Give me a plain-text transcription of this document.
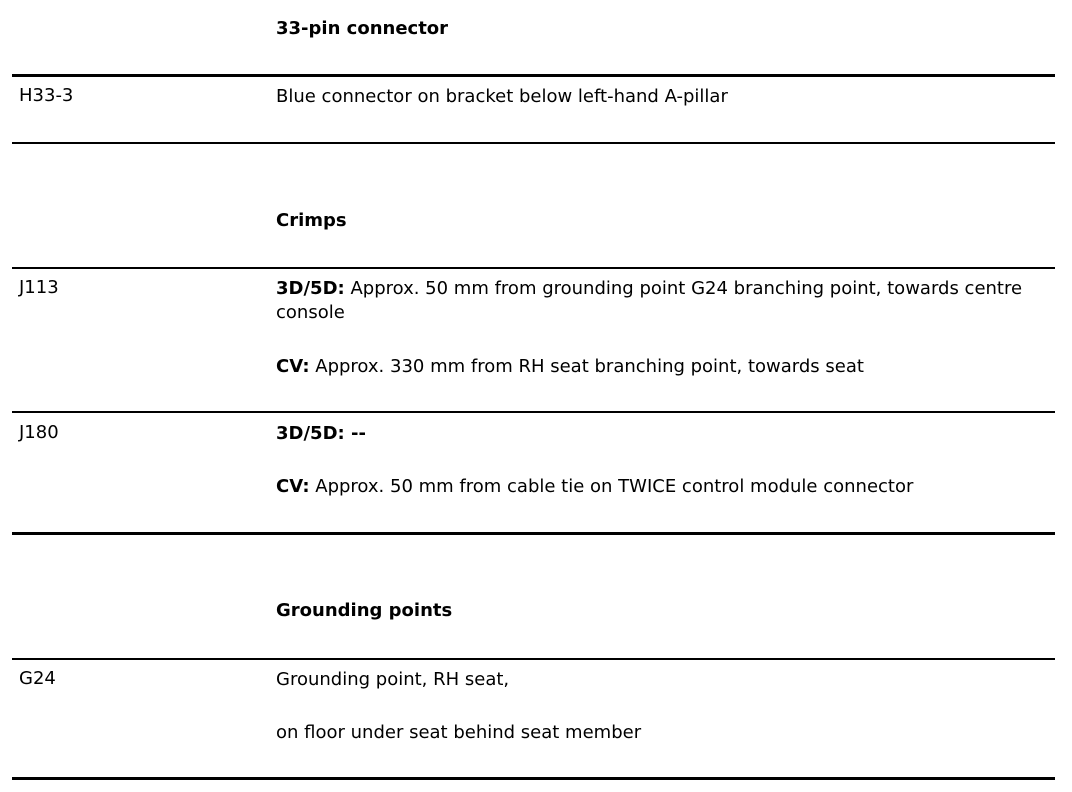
33-pin connector
H33-3	Blue connector on bracket below left-hand A-pillar
Crimps
J113	3D/5D: Approx. 50 mm from grounding point G24 branching point, towards centre console
CV: Approx. 330 mm from RH seat branching point, towards seat
J180	3D/5D: --
CV: Approx. 50 mm from cable tie on TWICE control module connector
Grounding points
G24	Grounding point, RH seat,
on floor under seat behind seat member
